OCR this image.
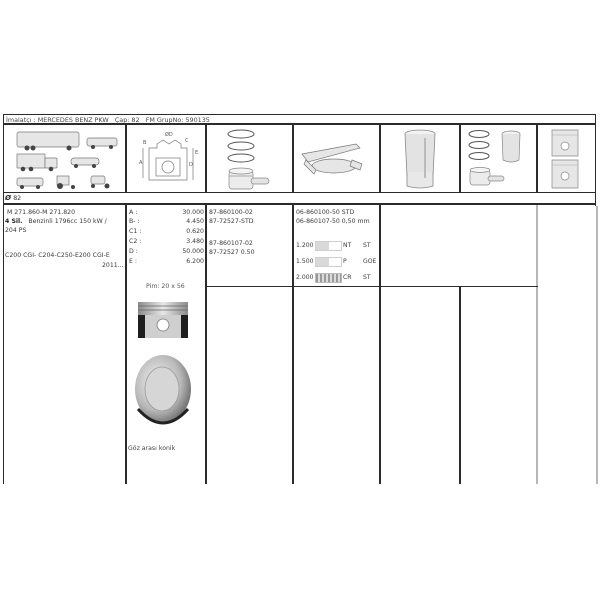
İmalatçı : MERCEDES BENZ PKW Çap: 82 FM GrupNo: 590135
Ø 82
A
B
ØD
C
E
D
M 271.860-M 271.820
4 Sil. Benzinli 1796cc 150 kW /
204 PS
C200 CGI- C204-C250-E200 CGI-E
2011...
A :	30.000
B- :	4.450
C1 :	0.620
C2 :	3.480
D :	50.000
E :	6.200
Pim: 20 x 56
Göz arası konik
87-860100-02
87-72527-STD
87-860107-02
87-72527 0.50
06-860100-50 STD
06-860107-50 0,50 mm
1.200	NT ST
1.500	P	GOE
2.000	CR ST
